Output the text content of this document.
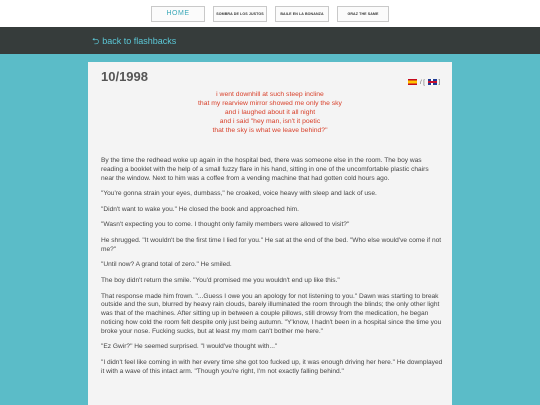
HOME	SOMBRA DE LOS JUSTOS	BAILE EN LA BONANZA	GRAZ THE SAME
⮌ back to flashbacks
10/1998	/ [ ]
i went downhill at such steep incline
that my rearview mirror showed me only the sky
and i laughed about it all night
and i said "hey man, isn't it poetic
that the sky is what we leave behind?"

By the time the redhead woke up again in the hospital bed, there was someone else in the room. The boy was reading a booklet with the help of a small fuzzy flare in his hand, sitting in one of the uncomfortable plastic chairs near the window. Next to him was a coffee from a vending machine that had gotten cold hours ago.

"You're gonna strain your eyes, dumbass," he croaked, voice heavy with sleep and lack of use.

"Didn't want to wake you." He closed the book and approached him.

"Wasn't expecting you to come. I thought only family members were allowed to visit?"

He shrugged. "It wouldn't be the first time I lied for you." He sat at the end of the bed. "Who else would've come if not me?"

"Until now? A grand total of zero." He smiled.

The boy didn't return the smile. "You'd promised me you wouldn't end up like this."

That response made him frown. "...Guess I owe you an apology for not listening to you." Dawn was starting to break outside and the sun, blurred by heavy rain clouds, barely illuminated the room through the blinds; the only other light was that of the machines. After sitting up in between a couple pillows, still drowsy from the medication, he began noticing how cold the room felt despite only just being autumn. "Y'know, I hadn't been in a hospital since the time you broke your nose. Fucking sucks, but at least my mom can't bother me here."

"Ez Gwir?" He seemed surprised. "I would've thought with..."

"I didn't feel like coming in with her every time she got too fucked up, it was enough driving her here." He downplayed it with a wave of this intact arm. "Though you're right, I'm not exactly falling behind."
